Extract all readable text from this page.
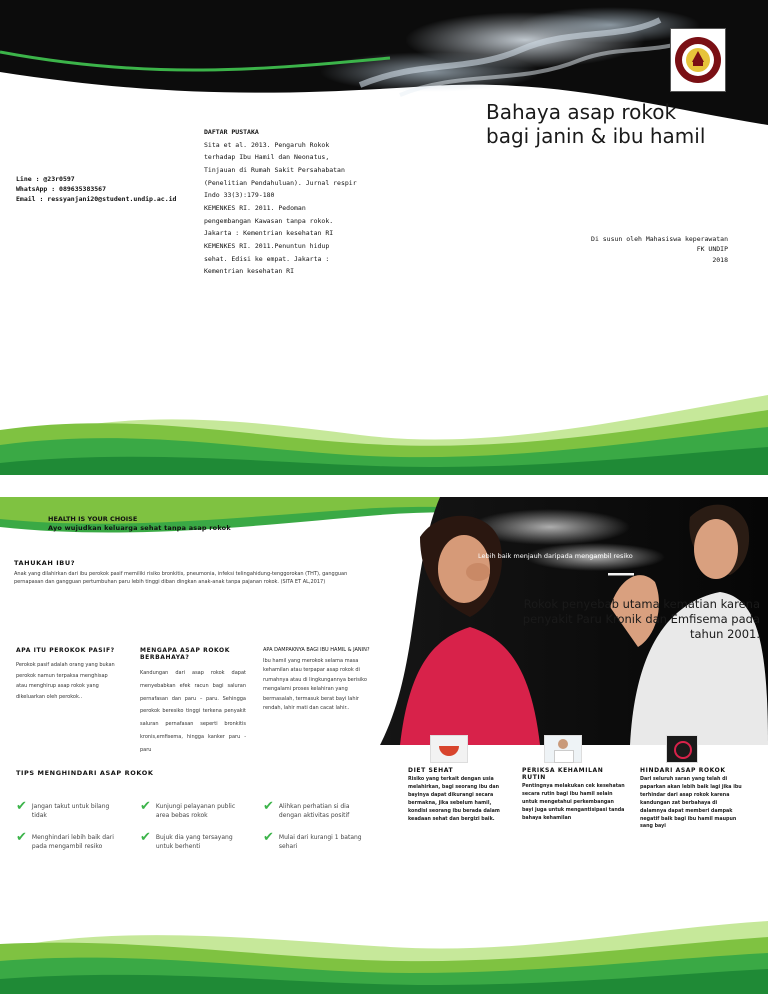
Bahaya asap rokok bagi janin & ibu hamil
Di susun oleh Mahasiswa keperawatan
FK UNDIP
2018
Line : @23r0597
WhatsApp : 089635383567
Email : ressyanjani20@student.undip.ac.id
DAFTAR PUSTAKA
Sita et al. 2013. Pengaruh Rokok
terhadap Ibu Hamil dan Neonatus,
Tinjauan di Rumah Sakit Persahabatan
(Penelitian Pendahuluan). Jurnal respir
Indo 33(3):179-180
KEMENKES RI. 2011. Pedoman
pengembangan Kawasan tanpa rokok.
Jakarta : Kementrian kesehatan RI
KEMENKES RI. 2011.Penuntun hidup
sehat. Edisi ke empat. Jakarta :
Kementrian kesehatan RI
HEALTH IS YOUR CHOISE
Ayo wujudkan keluarga sehat tanpa asap rokok
Lebih baik menjauh daripada mengambil resiko
Rokok penyebab utama kematian karena penyakit Paru Kronik dan Emfisema pada tahun 2001.
TAHUKAH IBU?
Anak yang dilahirkan dari ibu perokok pasif memiliki risiko bronkitis, pneumonia, infeksi telingahidung-tenggorokan (THT), gangguan pernapasan dan gangguan pertumbuhan paru lebih tinggi diban dingkan anak-anak tanpa pajanan rokok. (SITA ET AL,2017)
APA ITU PEROKOK PASIF?
Perokok pasif adalah orang yang bukan perokok namun terpaksa menghisap atau menghirup asap rokok yang dikeluarkan oleh perokok..
MENGAPA ASAP ROKOK BERBAHAYA?
Kandungan dari asap rokok dapat menyebabkan efek racun bagi saluran pernafasan dan paru – paru. Sehingga perokok beresiko tinggi terkena penyakit saluran pernafasan seperti bronkitis kronis,emfisema, hingga kanker paru - paru
APA DAMPAKNYA BAGI IBU HAMIL & JANIN?
Ibu hamil yang merokok selama masa kehamilan atau terpapar asap rokok di rumahnya atau di lingkungannya berisiko mengalami proses kelahiran yang bermasalah, termasuk berat bayi lahir rendah, lahir mati dan cacat lahir..
TIPS MENGHINDARI ASAP ROKOK
✔ Jangan takut untuk bilang tidak
✔ Kunjungi pelayanan public area bebas rokok
✔ Alihkan perhatian si dia dengan aktivitas positif
✔ Menghindari lebih baik dari pada mengambil resiko
✔ Bujuk dia yang tersayang untuk berhenti
✔ Mulai dari kurangi 1 batang sehari
DIET SEHAT
Risiko yang terkait dengan usia melahirkan, bagi seorang ibu dan bayinya dapat dikurangi secara bermakna, jika sebelum hamil, kondisi seorang ibu berada dalam keadaan sehat dan bergizi baik.
PERIKSA KEHAMILAN RUTIN
Pentingnya melakukan cek kesehatan secara rutin bagi ibu hamil selain untuk mengetahui perkembangan bayi juga untuk mengantisipasi tanda bahaya kehamilan
HINDARI ASAP ROKOK
Dari seluruh saran yang telah di paparkan akan lebih baik lagi jika ibu terhindar dari asap rokok karena kandungan zat berbahaya di dalamnya dapat memberi dampak negatif baik bagi ibu hamil maupun sang bayi
